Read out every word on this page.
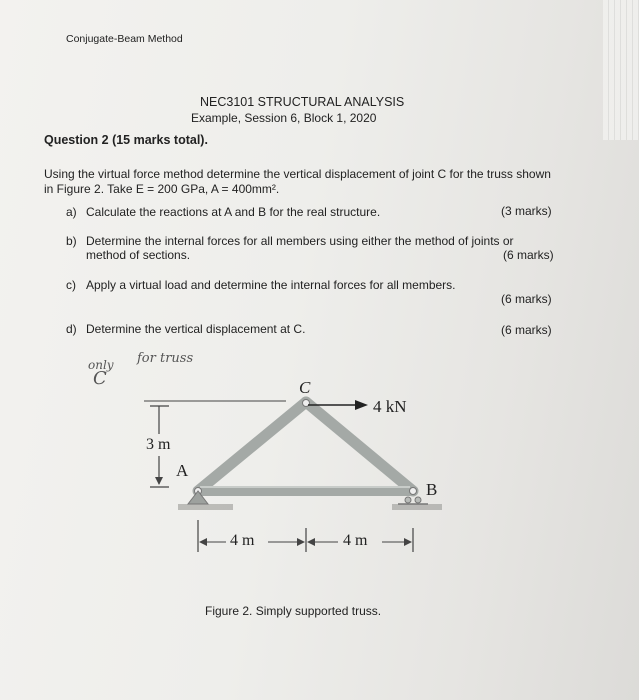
Conjugate-Beam Method
NEC3101 STRUCTURAL ANALYSIS
Example, Session 6, Block 1, 2020
Question 2 (15 marks total).
Using the virtual force method determine the vertical displacement of joint C for the truss shown
in Figure 2. Take E = 200 GPa, A = 400mm².
a) Calculate the reactions at A and B for the real structure.	(3 marks)
b) Determine the internal forces for all members using either the method of joints or
method of sections.	(6 marks)
c) Apply a virtual load and determine the internal forces for all members.
(6 marks)
d) Determine the vertical displacement at C.	(6 marks)
only
C
for truss
C
4 kN
3 m
A
B
4 m	4 m
Figure 2. Simply supported truss.
